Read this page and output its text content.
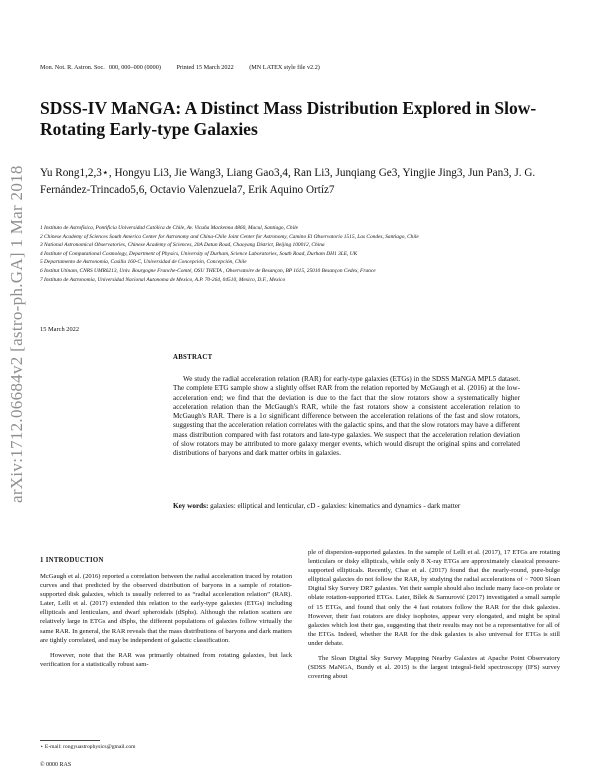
Mon. Not. R. Astron. Soc. 000, 000–000 (0000)	Printed 15 March 2022	(MN LATEX style file v2.2)
arXiv:1712.06684v2 [astro-ph.GA] 1 Mar 2018
SDSS-IV MaNGA: A Distinct Mass Distribution Explored in Slow-Rotating Early-type Galaxies
Yu Rong1,2,3⋆, Hongyu Li3, Jie Wang3, Liang Gao3,4, Ran Li3, Junqiang Ge3, Yingjie Jing3, Jun Pan3, J. G. Fernández-Trincado5,6, Octavio Valenzuela7, Erik Aquino Ortíz7
1 Instituto de Astrofísica, Pontificia Universidad Católica de Chile, Av. Vicuña Mackenna 4860, Macul, Santiago, Chile
2 Chinese Academy of Sciences South America Center for Astronomy and China-Chile Joint Center for Astronomy, Camino El Observatorio 1515, Las Condes, Santiago, Chile
3 National Astronomical Observatories, Chinese Academy of Sciences, 20A Datun Road, Chaoyang District, Beijing 100012, China
4 Institute of Computational Cosmology, Department of Physics, University of Durham, Science Laboratories, South Road, Durham DH1 3LE, UK
5 Departamento de Astronomía, Casilla 160-C, Universidad de Concepción, Concepción, Chile
6 Institut Utinam, CNRS UMR6213, Univ. Bourgogne Franche-Comté, OSU THETA , Observatoire de Besançon, BP 1615, 25010 Besançon Cedex, France
7 Instituto de Astronomia, Universidad Nacional Autonoma de Mexico, A.P. 70-264, 04510, Mexico, D.F., Mexico
15 March 2022
ABSTRACT
We study the radial acceleration relation (RAR) for early-type galaxies (ETGs) in the SDSS MaNGA MPL5 dataset. The complete ETG sample show a slightly offset RAR from the relation reported by McGaugh et al. (2016) at the low-acceleration end; we find that the deviation is due to the fact that the slow rotators show a systematically higher acceleration relation than the McGaugh's RAR, while the fast rotators show a consistent acceleration relation to McGaugh's RAR. There is a 1σ significant difference between the acceleration relations of the fast and slow rotators, suggesting that the acceleration relation correlates with the galactic spins, and that the slow rotators may have a different mass distribution compared with fast rotators and late-type galaxies. We suspect that the acceleration relation deviation of slow rotators may be attributed to more galaxy merger events, which would disrupt the original spins and correlated distributions of baryons and dark matter orbits in galaxies.
Key words: galaxies: elliptical and lenticular, cD - galaxies: kinematics and dynamics - dark matter
1 INTRODUCTION

McGaugh et al. (2016) reported a correlation between the radial acceleration traced by rotation curves and that predicted by the observed distribution of baryons in a sample of rotation-supported disk galaxies, which is usually referred to as “radial acceleration relation” (RAR). Later, Lelli et al. (2017) extended this relation to the early-type galaxies (ETGs) including ellipticals and lenticulars, and dwarf spheroidals (dSphs). Although the relation scatters are relatively large in ETGs and dSphs, the different populations of galaxies follow virtually the same RAR. In general, the RAR reveals that the mass distributions of baryons and dark matters are tightly correlated, and may be independent of galactic classification.

However, note that the RAR was primarily obtained from rotating galaxies, but lack verification for a statistically robust sam-

ple of dispersion-supported galaxies. In the sample of Lelli et al. (2017), 17 ETGs are rotating lenticulars or disky ellipticals, while only 8 X-ray ETGs are approximately classical pressure-supported ellipticals. Recently, Chae et al. (2017) found that the nearly-round, pure-bulge elliptical galaxies do not follow the RAR, by studying the radial accelerations of ~ 7000 Sloan Digital Sky Survey DR7 galaxies. Yet their sample should also include many face-on prolate or oblate rotation-supported ETGs. Later, Bílek & Samurović (2017) investigated a small sample of 15 ETGs, and found that only the 4 fast rotators follow the RAR for the disk galaxies. However, their fast rotators are disky isophotes, appear very elongated, and might be spiral galaxies which lost their gas, suggesting that their results may not be a representative for all of the ETGs. Indeed, whether the RAR for the disk galaxies is also universal for ETGs is still under debate.

The Sloan Digital Sky Survey Mapping Nearby Galaxies at Apache Point Observatory (SDSS MaNGA, Bundy et al. 2015) is the largest integral-field spectroscopy (IFS) survey covering about

⋆ E-mail: rongyuastrophysics@gmail.com
© 0000 RAS
